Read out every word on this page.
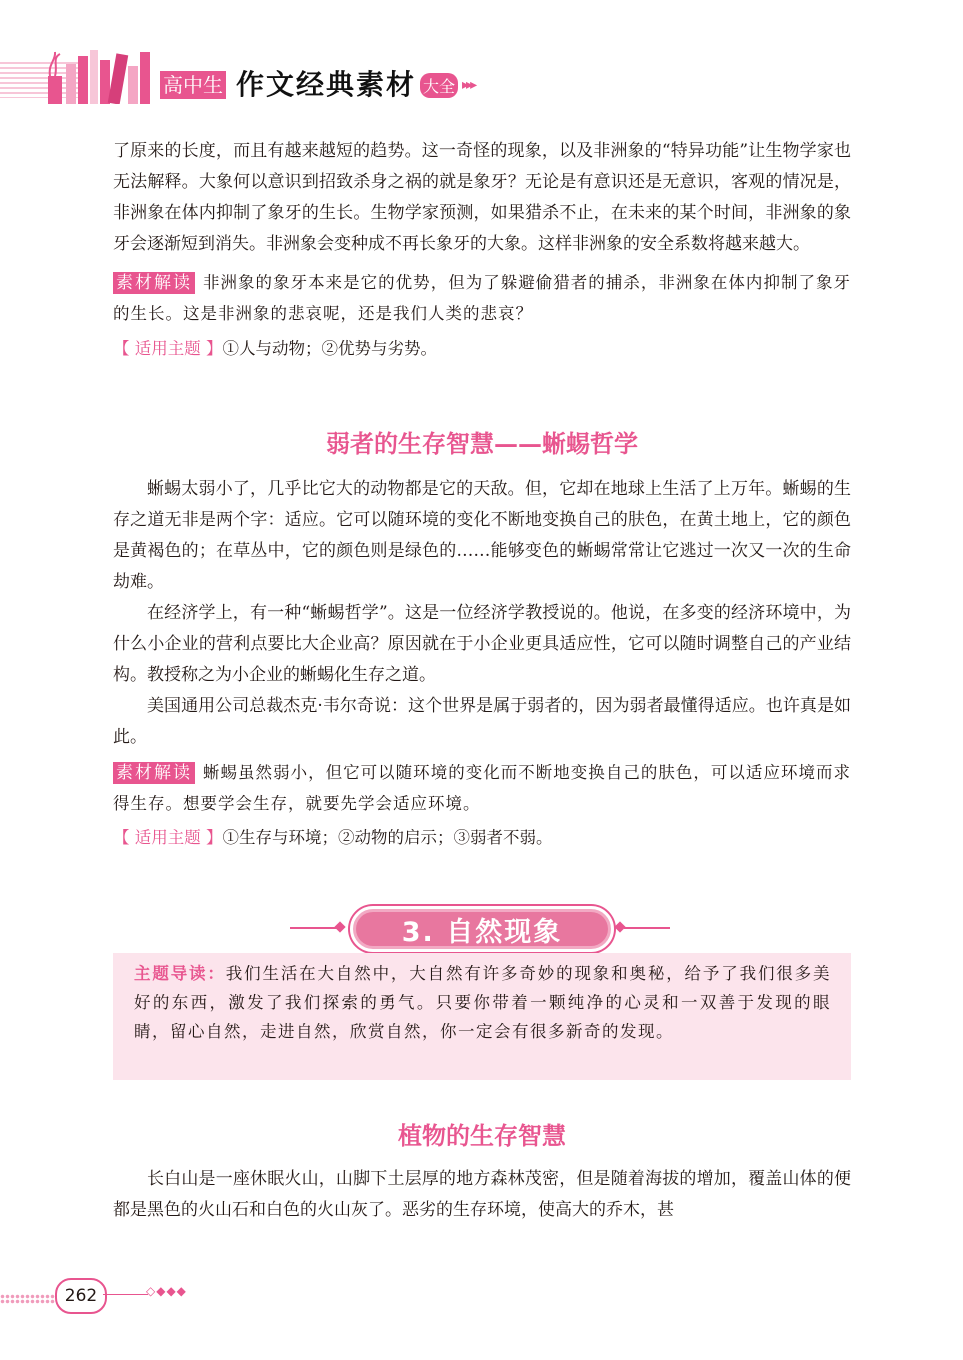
高中生 作文经典素材 大全 ▸▸▸

了原来的长度，而且有越来越短的趋势。这一奇怪的现象，以及非洲象的“特异功能”让生物学家也无法解释。大象何以意识到招致杀身之祸的就是象牙？无论是有意识还是无意识，客观的情况是，非洲象在体内抑制了象牙的生长。生物学家预测，如果猎杀不止，在未来的某个时间，非洲象的象牙会逐渐短到消失。非洲象会变种成不再长象牙的大象。这样非洲象的安全系数将越来越大。

素材解读 非洲象的象牙本来是它的优势，但为了躲避偷猎者的捕杀，非洲象在体内抑制了象牙的生长。这是非洲象的悲哀呢，还是我们人类的悲哀？

【 适用主题 】①人与动物；②优势与劣势。

弱者的生存智慧——蜥蜴哲学

蜥蜴太弱小了，几乎比它大的动物都是它的天敌。但，它却在地球上生活了上万年。蜥蜴的生存之道无非是两个字：适应。它可以随环境的变化不断地变换自己的肤色，在黄土地上，它的颜色是黄褐色的；在草丛中，它的颜色则是绿色的……能够变色的蜥蜴常常让它逃过一次又一次的生命劫难。

在经济学上，有一种“蜥蜴哲学”。这是一位经济学教授说的。他说，在多变的经济环境中，为什么小企业的营利点要比大企业高？原因就在于小企业更具适应性，它可以随时调整自己的产业结构。教授称之为小企业的蜥蜴化生存之道。

美国通用公司总裁杰克·韦尔奇说：这个世界是属于弱者的，因为弱者最懂得适应。也许真是如此。

素材解读 蜥蜴虽然弱小，但它可以随环境的变化而不断地变换自己的肤色，可以适应环境而求得生存。想要学会生存，就要先学会适应环境。

【 适用主题 】①生存与环境；②动物的启示；③弱者不弱。

3. 自然现象

主题导读：我们生活在大自然中，大自然有许多奇妙的现象和奥秘，给予了我们很多美好的东西，激发了我们探索的勇气。只要你带着一颗纯净的心灵和一双善于发现的眼睛，留心自然，走进自然，欣赏自然，你一定会有很多新奇的发现。

植物的生存智慧

长白山是一座休眠火山，山脚下土层厚的地方森林茂密，但是随着海拔的增加，覆盖山体的便都是黑色的火山石和白色的火山灰了。恶劣的生存环境，使高大的乔木，甚

262	◇◆◆◆
